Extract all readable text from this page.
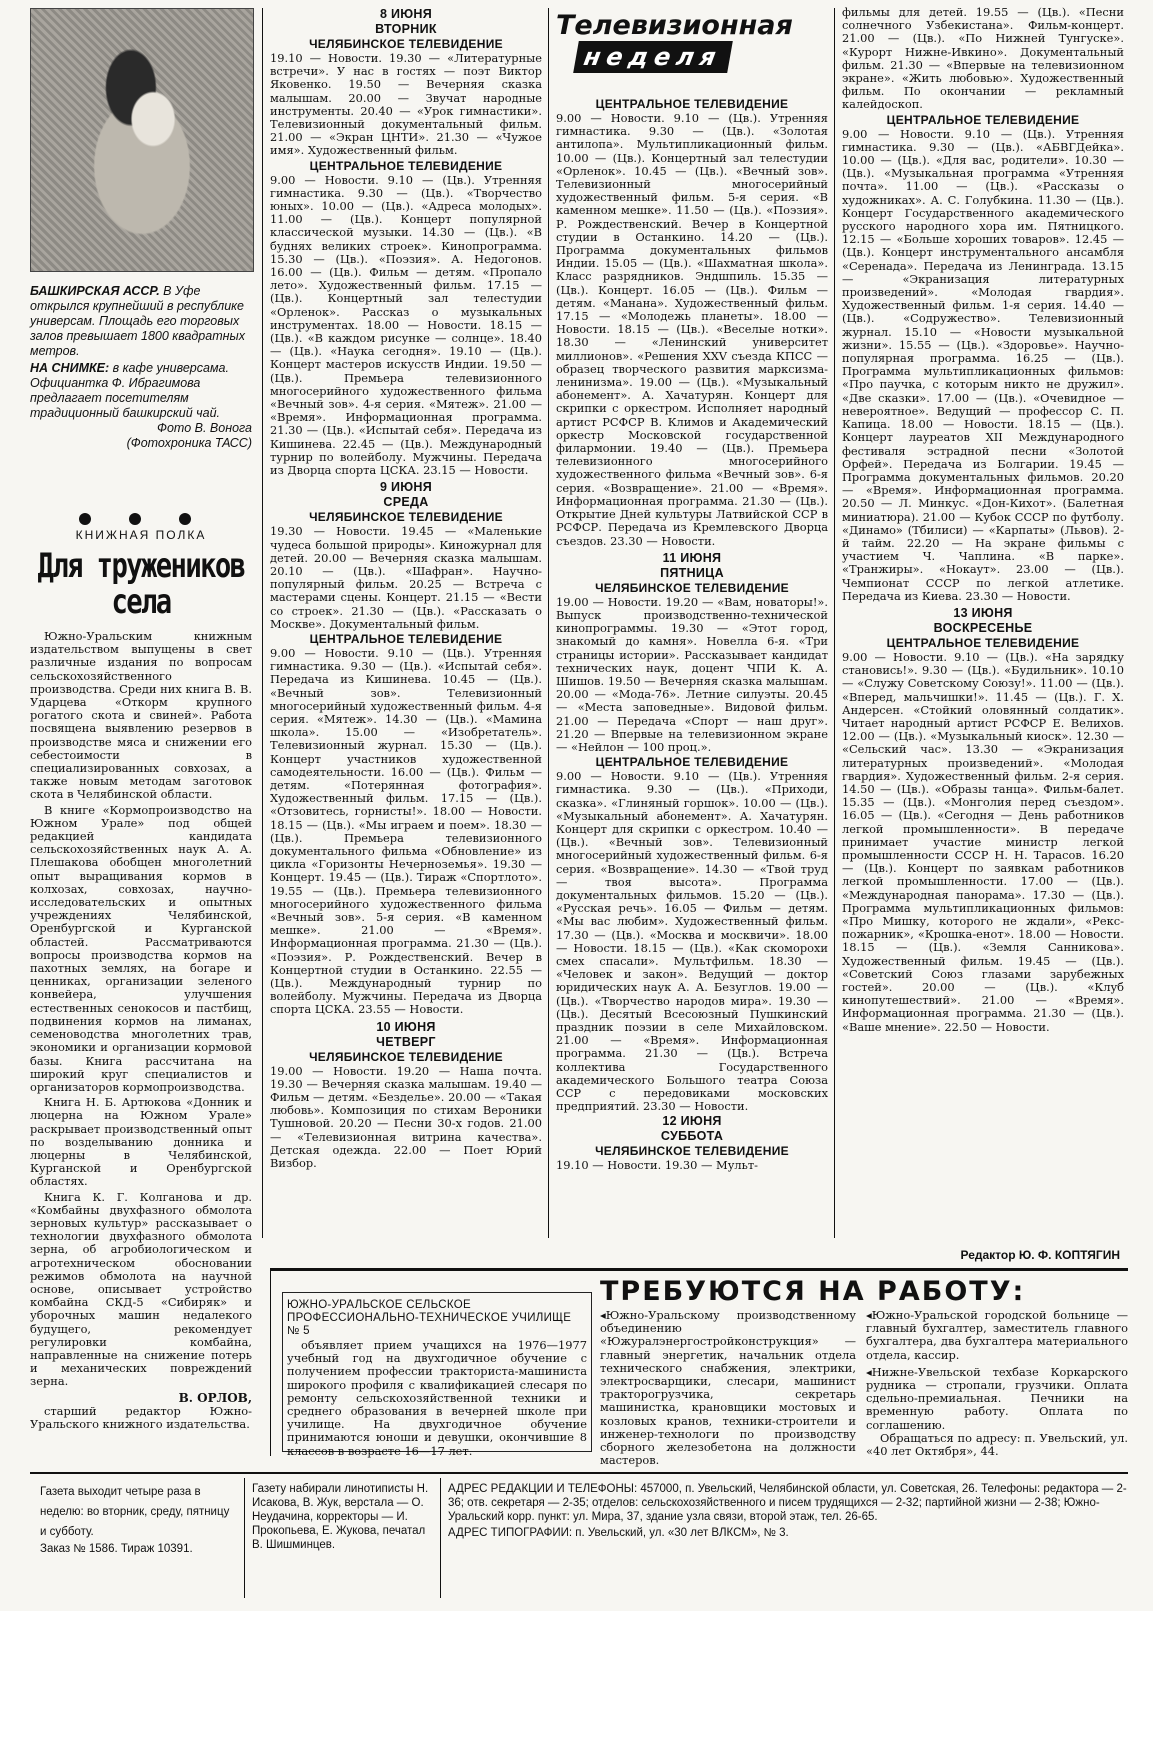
БАШКИРСКАЯ АССР. В Уфе открылся крупнейший в республике универсам. Площадь его торговых залов превышает 1800 квадратных метров.
НА СНИМКЕ: в кафе универсама. Официантка Ф. Ибрагимова предлагает посетителям традиционный башкирский чай.
Фото В. Вонога
(Фотохроника ТАСС)
КНИЖНАЯ ПОЛКА
Для тружеников села

Южно-Уральским книжным издательством выпущены в свет различные издания по вопросам сельскохозяйственного производства. Среди них книга В. В. Ударцева «Откорм крупного рогатого скота и свиней». Работа посвящена выявлению резервов в производстве мяса и снижении его себестоимости в специализированных совхозах, а также новым методам заготовок скота в Челябинской области.

В книге «Кормопроизводство на Южном Урале» под общей редакцией кандидата сельскохозяйственных наук А. А. Плешакова обобщен многолетний опыт выращивания кормов в колхозах, совхозах, научно-исследовательских и опытных учреждениях Челябинской, Оренбургской и Курганской областей. Рассматриваются вопросы производства кормов на пахотных землях, на богаре и ценниках, организации зеленого конвейера, улучшения естественных сенокосов и пастбищ, подвинения кормов на лиманах, семеноводства многолетних трав, экономики и организации кормовой базы. Книга рассчитана на широкий круг специалистов и организаторов кормопроизводства.

Книга Н. Б. Артюкова «Донник и люцерна на Южном Урале» раскрывает производственный опыт по возделыванию донника и люцерны в Челябинской, Курганской и Оренбургской областях.

Книга К. Г. Колганова и др. «Комбайны двухфазного обмолота зерновых культур» рассказывает о технологии двухфазного обмолота зерна, об агробиологическом и агротехническом обосновании режимов обмолота на научной основе, описывает устройство комбайна СКД-5 «Сибиряк» и уборочных машин недалекого будущего, рекомендует регулировки комбайна, направленные на снижение потерь и механических повреждений зерна.

В. ОРЛОВ,
старший редактор Южно-Уральского книжного издательства.
8 ИЮНЯ
ВТОРНИК
ЧЕЛЯБИНСКОЕ ТЕЛЕВИДЕНИЕ
19.10 — Новости. 19.30 — «Литературные встречи». У нас в гостях — поэт Виктор Яковенко. 19.50 — Вечерняя сказка малышам. 20.00 — Звучат народные инструменты. 20.40 — «Урок гимнастики». Телевизионный документальный фильм. 21.00 — «Экран ЦНТИ». 21.30 — «Чужое имя». Художественный фильм.
ЦЕНТРАЛЬНОЕ ТЕЛЕВИДЕНИЕ
9.00 — Новости. 9.10 — (Цв.). Утренняя гимнастика. 9.30 — (Цв.). «Творчество юных». 10.00 — (Цв.). «Адреса молодых». 11.00 — (Цв.). Концерт популярной классической музыки. 14.30 — (Цв.). «В буднях великих строек». Кинопрограмма. 15.30 — (Цв.). «Поэзия». А. Недогонов. 16.00 — (Цв.). Фильм — детям. «Пропало лето». Художественный фильм. 17.15 — (Цв.). Концертный зал телестудии «Орленок». Рассказ о музыкальных инструментах. 18.00 — Новости. 18.15 — (Цв.). «В каждом рисунке — солнце». 18.40 — (Цв.). «Наука сегодня». 19.10 — (Цв.). Концерт мастеров искусств Индии. 19.50 — (Цв.). Премьера телевизионного многосерийного художественного фильма «Вечный зов». 4-я серия. «Мятеж». 21.00 — «Время». Информационная программа. 21.30 — (Цв.). «Испытай себя». Передача из Кишинева. 22.45 — (Цв.). Международный турнир по волейболу. Мужчины. Передача из Дворца спорта ЦСКА. 23.15 — Новости.
9 ИЮНЯ
СРЕДА
ЧЕЛЯБИНСКОЕ ТЕЛЕВИДЕНИЕ
19.30 — Новости. 19.45 — «Маленькие чудеса большой природы». Киножурнал для детей. 20.00 — Вечерняя сказка малышам. 20.10 — (Цв.). «Шафран». Научно-популярный фильм. 20.25 — Встреча с мастерами сцены. Концерт. 21.15 — «Вести со строек». 21.30 — (Цв.). «Рассказать о Москве». Документальный фильм.
ЦЕНТРАЛЬНОЕ ТЕЛЕВИДЕНИЕ
9.00 — Новости. 9.10 — (Цв.). Утренняя гимнастика. 9.30 — (Цв.). «Испытай себя». Передача из Кишинева. 10.45 — (Цв.). «Вечный зов». Телевизионный многосерийный художественный фильм. 4-я серия. «Мятеж». 14.30 — (Цв.). «Мамина школа». 15.00 — «Изобретатель». Телевизионный журнал. 15.30 — (Цв.). Концерт участников художественной самодеятельности. 16.00 — (Цв.). Фильм — детям. «Потерянная фотография». Художественный фильм. 17.15 — (Цв.). «Отзовитесь, горнисты!». 18.00 — Новости. 18.15 — (Цв.). «Мы играем и поем». 18.30 — (Цв.). Премьера телевизионного документального фильма «Обновление» из цикла «Горизонты Нечерноземья». 19.30 — Концерт. 19.45 — (Цв.). Тираж «Спортлото». 19.55 — (Цв.). Премьера телевизионного многосерийного художественного фильма «Вечный зов». 5-я серия. «В каменном мешке». 21.00 — «Время». Информационная программа. 21.30 — (Цв.). «Поэзия». Р. Рождественский. Вечер в Концертной студии в Останкино. 22.55 — (Цв.). Международный турнир по волейболу. Мужчины. Передача из Дворца спорта ЦСКА. 23.55 — Новости.
10 ИЮНЯ
ЧЕТВЕРГ
ЧЕЛЯБИНСКОЕ ТЕЛЕВИДЕНИЕ
19.00 — Новости. 19.20 — Наша почта. 19.30 — Вечерняя сказка малышам. 19.40 — Фильм — детям. «Безделье». 20.00 — «Такая любовь». Композиция по стихам Вероники Тушновой. 20.20 — Песни 30-х годов. 21.00 — «Телевизионная витрина качества». Детская одежда. 22.00 — Поет Юрий Визбор.
Телевизионная
неделя
ЦЕНТРАЛЬНОЕ ТЕЛЕВИДЕНИЕ
9.00 — Новости. 9.10 — (Цв.). Утренняя гимнастика. 9.30 — (Цв.). «Золотая антилопа». Мультипликационный фильм. 10.00 — (Цв.). Концертный зал телестудии «Орленок». 10.45 — (Цв.). «Вечный зов». Телевизионный многосерийный художественный фильм. 5-я серия. «В каменном мешке». 11.50 — (Цв.). «Поэзия». Р. Рождественский. Вечер в Концертной студии в Останкино. 14.20 — (Цв.). Программа документальных фильмов Индии. 15.05 — (Цв.). «Шахматная школа». Класс разрядников. Эндшпиль. 15.35 — (Цв.). Концерт. 16.05 — (Цв.). Фильм — детям. «Манана». Художественный фильм. 17.15 — «Молодежь планеты». 18.00 — Новости. 18.15 — (Цв.). «Веселые нотки». 18.30 — «Ленинский университет миллионов». «Решения XXV съезда КПСС — образец творческого развития марксизма-ленинизма». 19.00 — (Цв.). «Музыкальный абонемент». А. Хачатурян. Концерт для скрипки с оркестром. Исполняет народный артист РСФСР В. Климов и Академический оркестр Московской государственной филармонии. 19.40 — (Цв.). Премьера телевизионного многосерийного художественного фильма «Вечный зов». 6-я серия. «Возвращение». 21.00 — «Время». Информационная программа. 21.30 — (Цв.). Открытие Дней культуры Латвийской ССР в РСФСР. Передача из Кремлевского Дворца съездов. 23.30 — Новости.
11 ИЮНЯ
ПЯТНИЦА
ЧЕЛЯБИНСКОЕ ТЕЛЕВИДЕНИЕ
19.00 — Новости. 19.20 — «Вам, новаторы!». Выпуск производственно-технической кинопрограммы. 19.30 — «Этот город, знакомый до камня». Новелла 6-я. «Три страницы истории». Рассказывает кандидат технических наук, доцент ЧПИ К. А. Шишов. 19.50 — Вечерняя сказка малышам. 20.00 — «Мода-76». Летние силуэты. 20.45 — «Места заповедные». Видовой фильм. 21.00 — Передача «Спорт — наш друг». 21.20 — Впервые на телевизионном экране — «Нейлон — 100 проц.».
ЦЕНТРАЛЬНОЕ ТЕЛЕВИДЕНИЕ
9.00 — Новости. 9.10 — (Цв.). Утренняя гимнастика. 9.30 — (Цв.). «Приходи, сказка». «Глиняный горшок». 10.00 — (Цв.). «Музыкальный абонемент». А. Хачатурян. Концерт для скрипки с оркестром. 10.40 — (Цв.). «Вечный зов». Телевизионный многосерийный художественный фильм. 6-я серия. «Возвращение». 14.30 — «Твой труд — твоя высота». Программа документальных фильмов. 15.20 — (Цв.). «Русская речь». 16.05 — Фильм — детям. «Мы вас любим». Художественный фильм. 17.30 — (Цв.). «Москва и москвичи». 18.00 — Новости. 18.15 — (Цв.). «Как скоморохи смех спасали». Мультфильм. 18.30 — «Человек и закон». Ведущий — доктор юридических наук А. А. Безуглов. 19.00 — (Цв.). «Творчество народов мира». 19.30 — (Цв.). Десятый Всесоюзный Пушкинский праздник поэзии в селе Михайловском. 21.00 — «Время». Информационная программа. 21.30 — (Цв.). Встреча коллектива Государственного академического Большого театра Союза ССР с передовиками московских предприятий. 23.30 — Новости.
12 ИЮНЯ
СУББОТА
ЧЕЛЯБИНСКОЕ ТЕЛЕВИДЕНИЕ
19.10 — Новости. 19.30 — Мульт-
фильмы для детей. 19.55 — (Цв.). «Песни солнечного Узбекистана». Фильм-концерт. 21.00 — (Цв.). «По Нижней Тунгуске». «Курорт Нижне-Ивкино». Документальный фильм. 21.30 — «Впервые на телевизионном экране». «Жить любовью». Художественный фильм. По окончании — рекламный калейдоскоп.
ЦЕНТРАЛЬНОЕ ТЕЛЕВИДЕНИЕ
9.00 — Новости. 9.10 — (Цв.). Утренняя гимнастика. 9.30 — (Цв.). «АБВГДейка». 10.00 — (Цв.). «Для вас, родители». 10.30 — (Цв.). «Музыкальная программа «Утренняя почта». 11.00 — (Цв.). «Рассказы о художниках». А. С. Голубкина. 11.30 — (Цв.). Концерт Государственного академического русского народного хора им. Пятницкого. 12.15 — «Больше хороших товаров». 12.45 — (Цв.). Концерт инструментального ансамбля «Серенада». Передача из Ленинграда. 13.15 — «Экранизация литературных произведений». «Молодая гвардия». Художественный фильм. 1-я серия. 14.40 — (Цв.). «Содружество». Телевизионный журнал. 15.10 — «Новости музыкальной жизни». 15.55 — (Цв.). «Здоровье». Научно-популярная программа. 16.25 — (Цв.). Программа мультипликационных фильмов: «Про паучка, с которым никто не дружил». «Две сказки». 17.00 — (Цв.). «Очевидное — невероятное». Ведущий — профессор С. П. Капица. 18.00 — Новости. 18.15 — (Цв.). Концерт лауреатов XII Международного фестиваля эстрадной песни «Золотой Орфей». Передача из Болгарии. 19.45 — Программа документальных фильмов. 20.20 — «Время». Информационная программа. 20.50 — Л. Минкус. «Дон-Кихот». (Балетная миниатюра). 21.00 — Кубок СССР по футболу. «Динамо» (Тбилиси) — «Карпаты» (Львов). 2-й тайм. 22.20 — На экране фильмы с участием Ч. Чаплина. «В парке». «Транжиры». «Нокаут». 23.00 — (Цв.). Чемпионат СССР по легкой атлетике. Передача из Киева. 23.30 — Новости.
13 ИЮНЯ
ВОСКРЕСЕНЬЕ
ЦЕНТРАЛЬНОЕ ТЕЛЕВИДЕНИЕ
9.00 — Новости. 9.10 — (Цв.). «На зарядку становись!». 9.30 — (Цв.). «Будильник». 10.10 — «Служу Советскому Союзу!». 11.00 — (Цв.). «Вперед, мальчишки!». 11.45 — (Цв.). Г. Х. Андерсен. «Стойкий оловянный солдатик». Читает народный артист РСФСР Е. Велихов. 12.00 — (Цв.). «Музыкальный киоск». 12.30 — «Сельский час». 13.30 — «Экранизация литературных произведений». «Молодая гвардия». Художественный фильм. 2-я серия. 14.50 — (Цв.). «Образы танца». Фильм-балет. 15.35 — (Цв.). «Монголия перед съездом». 16.05 — (Цв.). «Сегодня — День работников легкой промышленности». В передаче принимает участие министр легкой промышленности СССР Н. Н. Тарасов. 16.20 — (Цв.). Концерт по заявкам работников легкой промышленности. 17.00 — (Цв.). «Международная панорама». 17.30 — (Цв.). Программа мультипликационных фильмов: «Про Мишку, которого не ждали», «Рекс-пожарник», «Крошка-енот». 18.00 — Новости. 18.15 — (Цв.). «Земля Санникова». Художественный фильм. 19.45 — (Цв.). «Советский Союз глазами зарубежных гостей». 20.00 — (Цв.). «Клуб кинопутешествий». 21.00 — «Время». Информационная программа. 21.30 — (Цв.). «Ваше мнение». 22.50 — Новости.
Редактор Ю. Ф. КОПТЯГИН
ЮЖНО-УРАЛЬСКОЕ СЕЛЬСКОЕ ПРОФЕССИОНАЛЬНО-ТЕХНИЧЕСКОЕ УЧИЛИЩЕ № 5
объявляет прием учащихся на 1976—1977 учебный год на двухгодичное обучение с получением профессии тракториста-машиниста широкого профиля с квалификацией слесаря по ремонту сельскохозяйственной техники и среднего образования в вечерней школе при училище. На двухгодичное обучение принимаются юноши и девушки, окончившие 8 классов в возрасте 16—17 лет.
ТРЕБУЮТСЯ НА РАБОТУ:
◂Южно-Уральскому производственному объединению «Южуралэнергостройконструкция» — главный энергетик, начальник отдела технического снабжения, электрики, электросварщики, слесари, машинист тракторогрузчика, секретарь машинистка, крановщики мостовых и козловых кранов, техники-строители и инженер-технологи по производству сборного железобетона на должности мастеров.
◂Южно-Уральской городской больнице — главный бухгалтер, заместитель главного бухгалтера, два бухгалтера материального отдела, кассир.
◂Нижне-Увельской техбазе Коркарского рудника — стропали, грузчики. Оплата сдельно-премиальная. Печники на временную работу. Оплата по соглашению.
Обращаться по адресу: п. Увельский, ул. «40 лет Октября», 44.
Газета выходит четыре раза в неделю: во вторник, среду, пятницу и субботу.
Заказ № 1586. Тираж 10391.
Газету набирали линотиписты Н. Исакова, В. Жук, верстала — О. Неудачина, корректоры — И. Прокопьева, Е. Жукова, печатал В. Шишминцев.
АДРЕС РЕДАКЦИИ И ТЕЛЕФОНЫ: 457000, п. Увельский, Челябинской области, ул. Советская, 26. Телефоны: редактора — 2-36; отв. секретаря — 2-35; отделов: сельскохозяйственного и писем трудящихся — 2-32; партийной жизни — 2-38; Южно-Уральский корр. пункт: ул. Мира, 37, здание узла связи, второй этаж, тел. 26-65.
АДРЕС ТИПОГРАФИИ: п. Увельский, ул. «30 лет ВЛКСМ», № 3.
